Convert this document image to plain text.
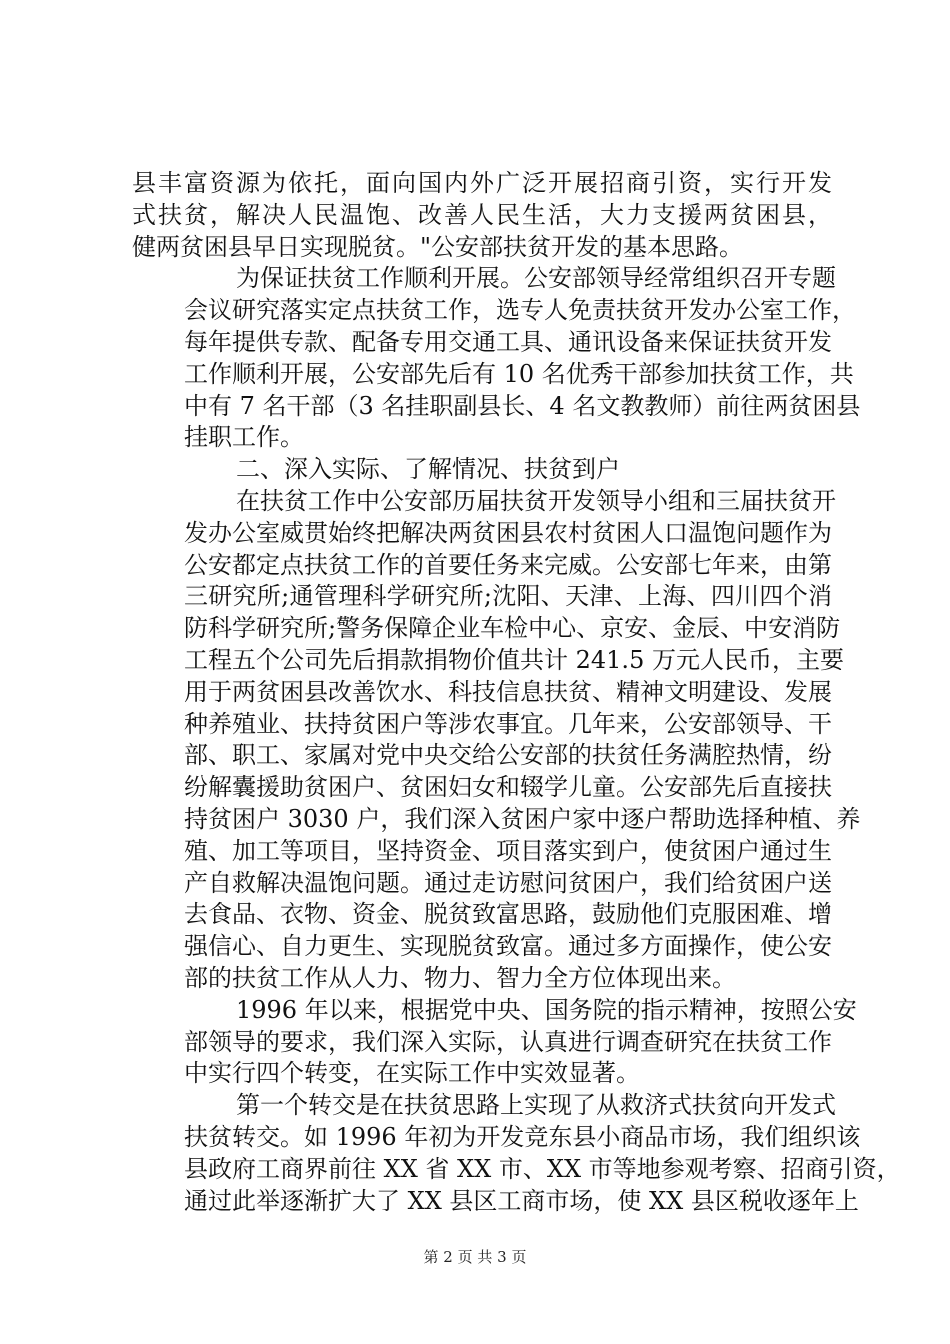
县丰富资源为依托，面向国内外广泛开展招商引资，实行开发
式扶贫，解决人民温饱、改善人民生活，大力支援两贫困县，
健两贫困县早日实现脱贫。"公安部扶贫开发的基本思路。
为保证扶贫工作顺利开展。公安部领导经常组织召开专题
会议研究落实定点扶贫工作，选专人免责扶贫开发办公室工作，
每年提供专款、配备专用交通工具、通讯设备来保证扶贫开发
工作顺利开展，公安部先后有 10 名优秀干部参加扶贫工作，共
中有 7 名干部（3 名挂职副县长、4 名文教教师）前往两贫困县
挂职工作。
二、深入实际、了解情况、扶贫到户
在扶贫工作中公安部历届扶贫开发领导小组和三届扶贫开
发办公室威贯始终把解决两贫困县农村贫困人口温饱问题作为
公安都定点扶贫工作的首要任务来完威。公安部七年来，由第
三研究所;通管理科学研究所;沈阳、天津、上海、四川四个消
防科学研究所;警务保障企业车检中心、京安、金辰、中安消防
工程五个公司先后捐款捐物价值共计 241.5 万元人民币，主要
用于两贫困县改善饮水、科技信息扶贫、精神文明建设、发展
种养殖业、扶持贫困户等涉农事宜。几年来，公安部领导、干
部、职工、家属对党中央交给公安部的扶贫任务满腔热情，纷
纷解囊援助贫困户、贫困妇女和辍学儿童。公安部先后直接扶
持贫困户 3030 户，我们深入贫困户家中逐户帮助选择种植、养
殖、加工等项目，坚持资金、项目落实到户，使贫困户通过生
产自救解决温饱问题。通过走访慰问贫困户，我们给贫困户送
去食品、衣物、资金、脱贫致富思路，鼓励他们克服困难、增
强信心、自力更生、实现脱贫致富。通过多方面操作，使公安
部的扶贫工作从人力、物力、智力全方位体现出来。
1996 年以来，根据党中央、国务院的指示精神，按照公安
部领导的要求，我们深入实际，认真进行调查研究在扶贫工作
中实行四个转变，在实际工作中实效显著。
第一个转交是在扶贫思路上实现了从救济式扶贫向开发式
扶贫转交。如 1996 年初为开发竞东县小商品市场，我们组织该
县政府工商界前往 XX 省 XX 市、XX 市等地参观考察、招商引资，
通过此举逐渐扩大了 XX 县区工商市场，使 XX 县区税收逐年上
第 2 页 共 3 页
